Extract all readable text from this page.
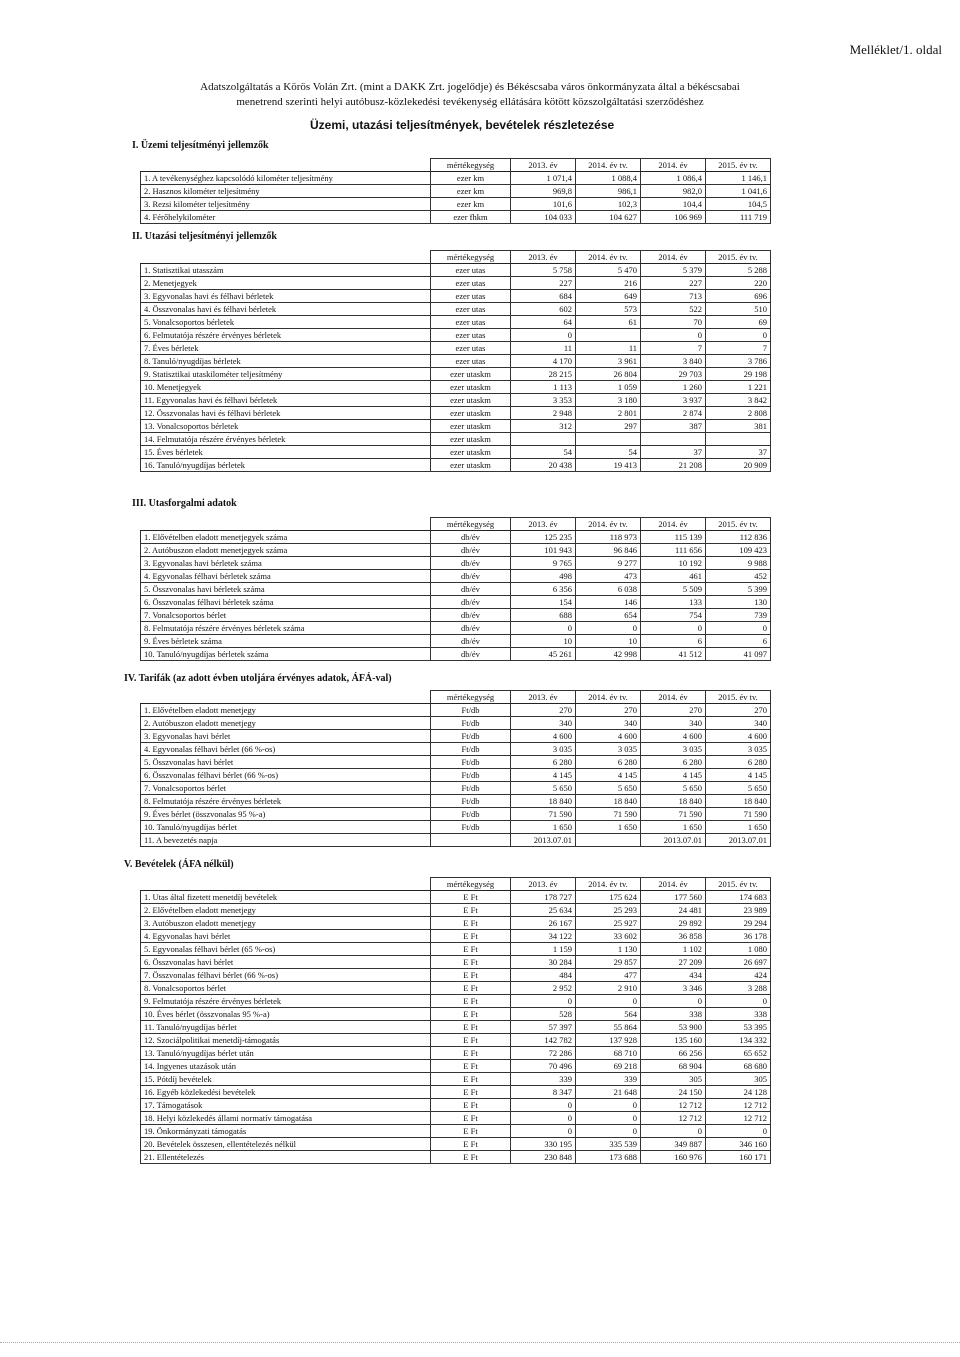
Melléklet/1. oldal
Adatszolgáltatás a Körös Volán Zrt. (mint a DAKK Zrt. jogelődje) és Békéscsaba város önkormányzata által a békéscsabai
menetrend szerinti helyi autóbusz-közlekedési tevékenység ellátására kötött közszolgáltatási szerződéshez
Üzemi, utazási teljesítmények, bevételek részletezése
I. Üzemi teljesítményi jellemzők
	mértékegység	2013. év	2014. év tv.	2014. év	2015. év tv.
1. A tevékenységhez kapcsolódó kilométer teljesítmény	ezer km	1 071,4	1 088,4	1 086,4	1 146,1
2. Hasznos kilométer teljesítmény	ezer km	969,8	986,1	982,0	1 041,6
3. Rezsi kilométer teljesítmény	ezer km	101,6	102,3	104,4	104,5
4. Férőhelykilométer	ezer fhkm	104 033	104 627	106 969	111 719
II. Utazási teljesítményi jellemzők
	mértékegység	2013. év	2014. év tv.	2014. év	2015. év tv.
1. Statisztikai utasszám	ezer utas	5 758	5 470	5 379	5 288
2. Menetjegyek	ezer utas	227	216	227	220
3. Egyvonalas havi és félhavi bérletek	ezer utas	684	649	713	696
4. Összvonalas havi és félhavi bérletek	ezer utas	602	573	522	510
5. Vonalcsoportos bérletek	ezer utas	64	61	70	69
6. Felmutatója részére érvényes bérletek	ezer utas	0		0	0
7. Éves bérletek	ezer utas	11	11	7	7
8. Tanuló/nyugdíjas bérletek	ezer utas	4 170	3 961	3 840	3 786
9. Statisztikai utaskilométer teljesítmény	ezer utaskm	28 215	26 804	29 703	29 198
10. Menetjegyek	ezer utaskm	1 113	1 059	1 260	1 221
11. Egyvonalas havi és félhavi bérletek	ezer utaskm	3 353	3 180	3 937	3 842
12. Összvonalas havi és félhavi bérletek	ezer utaskm	2 948	2 801	2 874	2 808
13. Vonalcsoportos bérletek	ezer utaskm	312	297	387	381
14. Felmutatója részére érvényes bérletek	ezer utaskm				
15. Éves bérletek	ezer utaskm	54	54	37	37
16. Tanuló/nyugdíjas bérletek	ezer utaskm	20 438	19 413	21 208	20 909
III. Utasforgalmi adatok
	mértékegység	2013. év	2014. év tv.	2014. év	2015. év tv.
1. Elővételben eladott menetjegyek száma	db/év	125 235	118 973	115 139	112 836
2. Autóbuszon eladott menetjegyek száma	db/év	101 943	96 846	111 656	109 423
3. Egyvonalas havi bérletek száma	db/év	9 765	9 277	10 192	9 988
4. Egyvonalas félhavi bérletek száma	db/év	498	473	461	452
5. Összvonalas havi bérletek száma	db/év	6 356	6 038	5 509	5 399
6. Összvonalas félhavi bérletek száma	db/év	154	146	133	130
7. Vonalcsoportos bérlet	db/év	688	654	754	739
8. Felmutatója részére érvényes bérletek száma	db/év	0	0	0	0
9. Éves bérletek száma	db/év	10	10	6	6
10. Tanuló/nyugdíjas bérletek száma	db/év	45 261	42 998	41 512	41 097
IV. Tarifák (az adott évben utoljára érvényes adatok, ÁFÁ-val)
	mértékegység	2013. év	2014. év tv.	2014. év	2015. év tv.
1. Elővételben eladott menetjegy	Ft/db	270	270	270	270
2. Autóbuszon eladott menetjegy	Ft/db	340	340	340	340
3. Egyvonalas havi bérlet	Ft/db	4 600	4 600	4 600	4 600
4. Egyvonalas félhavi bérlet (66 %-os)	Ft/db	3 035	3 035	3 035	3 035
5. Összvonalas havi bérlet	Ft/db	6 280	6 280	6 280	6 280
6. Összvonalas félhavi bérlet (66 %-os)	Ft/db	4 145	4 145	4 145	4 145
7. Vonalcsoportos bérlet	Ft/db	5 650	5 650	5 650	5 650
8. Felmutatója részére érvényes bérletek	Ft/db	18 840	18 840	18 840	18 840
9. Éves bérlet (összvonalas 95 %-a)	Ft/db	71 590	71 590	71 590	71 590
10. Tanuló/nyugdíjas bérlet	Ft/db	1 650	1 650	1 650	1 650
11. A bevezetés napja		2013.07.01		2013.07.01	2013.07.01
V. Bevételek (ÁFA nélkül)
	mértékegység	2013. év	2014. év tv.	2014. év	2015. év tv.
1. Utas által fizetett menetdíj bevételek	E Ft	178 727	175 624	177 560	174 683
2. Elővételben eladott menetjegy	E Ft	25 634	25 293	24 481	23 989
3. Autóbuszon eladott menetjegy	E Ft	26 167	25 927	29 892	29 294
4. Egyvonalas havi bérlet	E Ft	34 122	33 602	36 858	36 178
5. Egyvonalas félhavi bérlet (65 %-os)	E Ft	1 159	1 130	1 102	1 080
6. Összvonalas havi bérlet	E Ft	30 284	29 857	27 209	26 697
7. Összvonalas félhavi bérlet (66 %-os)	E Ft	484	477	434	424
8. Vonalcsoportos bérlet	E Ft	2 952	2 910	3 346	3 288
9. Felmutatója részére érvényes bérletek	E Ft	0	0	0	0
10. Éves bérlet (összvonalas 95 %-a)	E Ft	528	564	338	338
11. Tanuló/nyugdíjas bérlet	E Ft	57 397	55 864	53 900	53 395
12. Szociálpolitikai menetdíj-támogatás	E Ft	142 782	137 928	135 160	134 332
13. Tanuló/nyugdíjas bérlet után	E Ft	72 286	68 710	66 256	65 652
14. Ingyenes utazások után	E Ft	70 496	69 218	68 904	68 680
15. Pótdíj bevételek	E Ft	339	339	305	305
16. Egyéb közlekedési bevételek	E Ft	8 347	21 648	24 150	24 128
17. Támogatások	E Ft	0	0	12 712	12 712
18. Helyi közlekedés állami normatív támogatása	E Ft	0	0	12 712	12 712
19. Önkormányzati támogatás	E Ft	0	0	0	0
20. Bevételek összesen, ellentételezés nélkül	E Ft	330 195	335 539	349 887	346 160
21. Ellentételezés	E Ft	230 848	173 688	160 976	160 171
